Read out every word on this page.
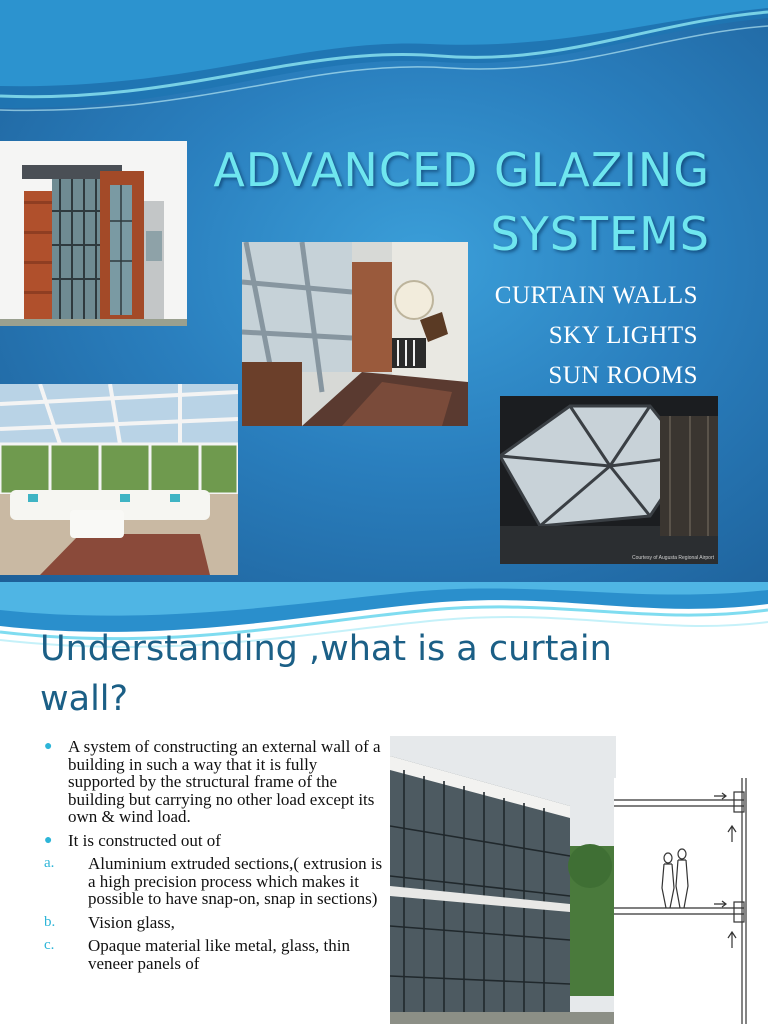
ADVANCED GLAZING
SYSTEMS
CURTAIN WALLS
SKY LIGHTS
SUN ROOMS
Courtesy of Augusta Regional Airport
Understanding ,what is a curtain
wall?
● A system of constructing an external wall of a building in such a way that it is fully supported by the structural frame of the building but carrying no other load except its own & wind load.
● It is constructed out of
a. Aluminium extruded sections,( extrusion is a high precision process which makes it possible to have snap-on, snap in sections)
b. Vision glass,
c. Opaque material like metal, glass, thin veneer panels of
